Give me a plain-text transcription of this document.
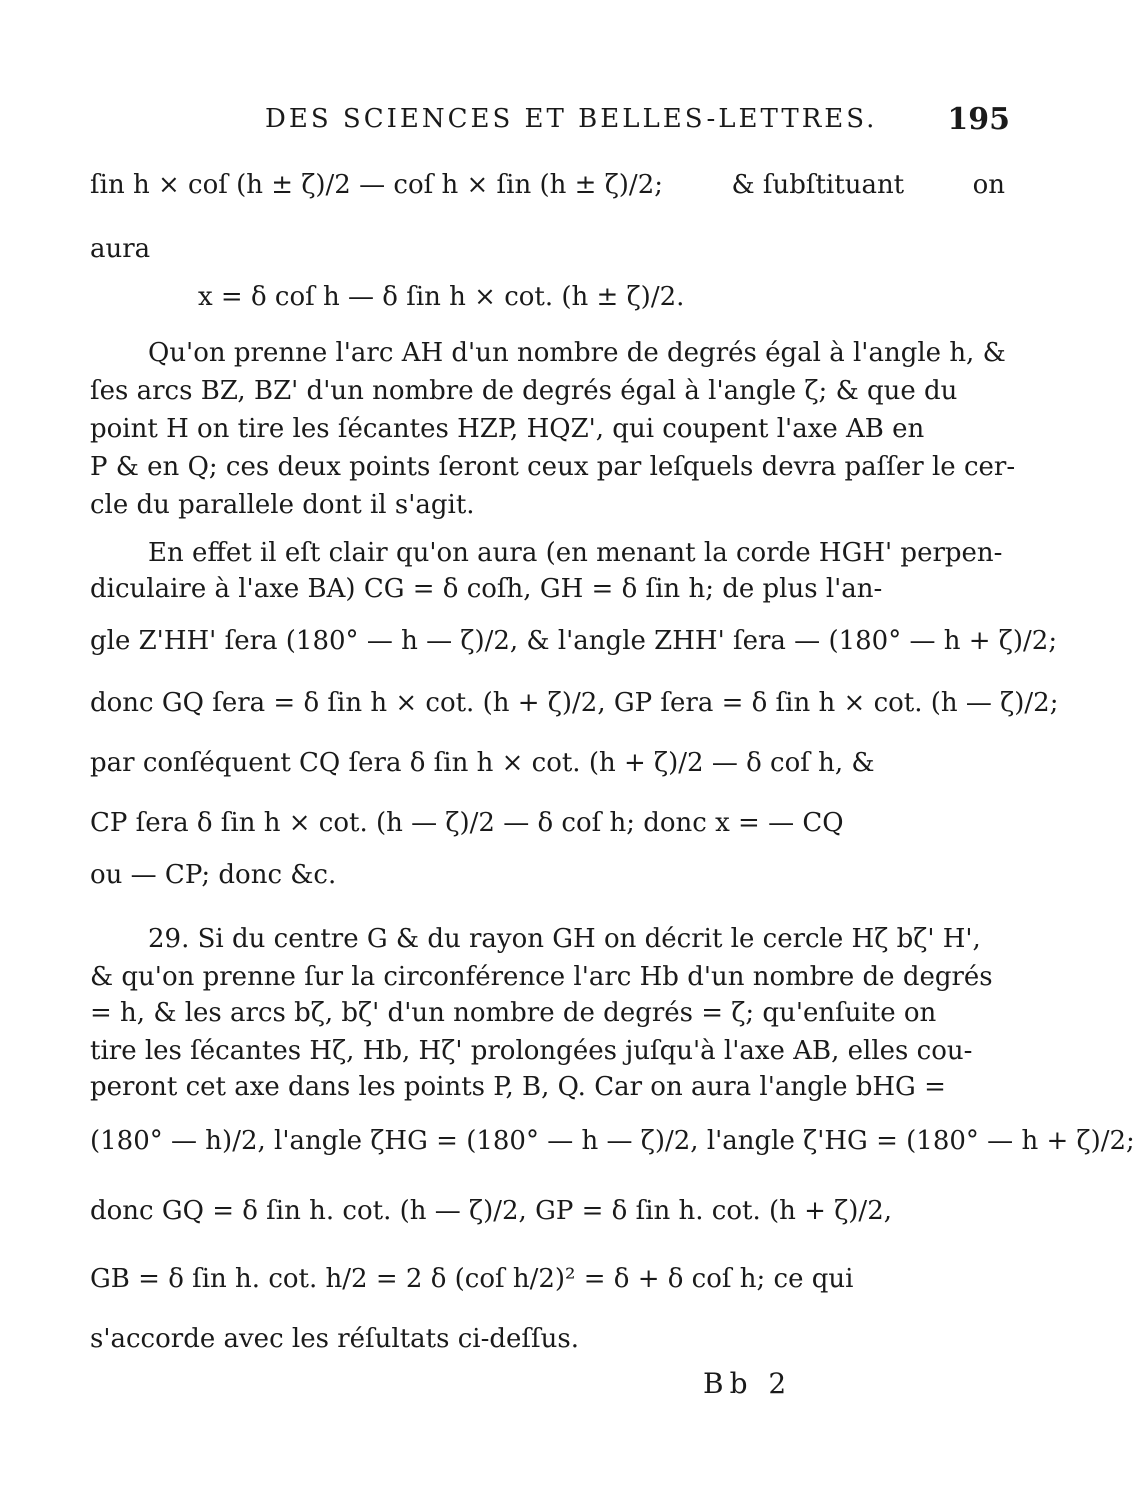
DES SCIENCES ET BELLES-LETTRES. 195
ſin h × coſ (h ± ζ)/2 — coſ h × ſin (h ± ζ)/2;	& ſubſtituant	on
aura
x = δ coſ h — δ ſin h × cot. (h ± ζ)/2.
Qu'on prenne l'arc AH d'un nombre de degrés égal à l'angle h, &
ſes arcs BZ, BZ' d'un nombre de degrés égal à l'angle ζ; & que du
point H on tire les ſécantes HZP, HQZ', qui coupent l'axe AB en
P & en Q; ces deux points ſeront ceux par leſquels devra paſſer le cer-
cle du parallele dont il s'agit.
En effet il eſt clair qu'on aura (en menant la corde HGH' perpen-
diculaire à l'axe BA) CG = δ coſh, GH = δ ſin h; de plus l'an-
gle Z'HH' ſera (180° — h — ζ)/2, & l'angle ZHH' ſera — (180° — h + ζ)/2;
donc GQ ſera = δ ſin h × cot. (h + ζ)/2, GP ſera = δ ſin h × cot. (h — ζ)/2;
par conſéquent CQ ſera δ ſin h × cot. (h + ζ)/2 — δ coſ h, &
CP ſera δ ſin h × cot. (h — ζ)/2 — δ coſ h; donc x = — CQ
ou — CP; donc &c.
29. Si du centre G & du rayon GH on décrit le cercle Hζ bζ' H',
& qu'on prenne ſur la circonférence l'arc Hb d'un nombre de degrés
= h, & les arcs bζ, bζ' d'un nombre de degrés = ζ; qu'enſuite on
tire les ſécantes Hζ, Hb, Hζ' prolongées juſqu'à l'axe AB, elles cou-
peront cet axe dans les points P, B, Q. Car on aura l'angle bHG =
(180° — h)/2, l'angle ζHG = (180° — h — ζ)/2, l'angle ζ'HG = (180° — h + ζ)/2;
donc GQ = δ ſin h. cot. (h — ζ)/2, GP = δ ſin h. cot. (h + ζ)/2,
GB = δ ſin h. cot. h/2 = 2 δ (coſ h/2)² = δ + δ coſ h; ce qui
s'accorde avec les réſultats ci-deſſus.
Bb 2
